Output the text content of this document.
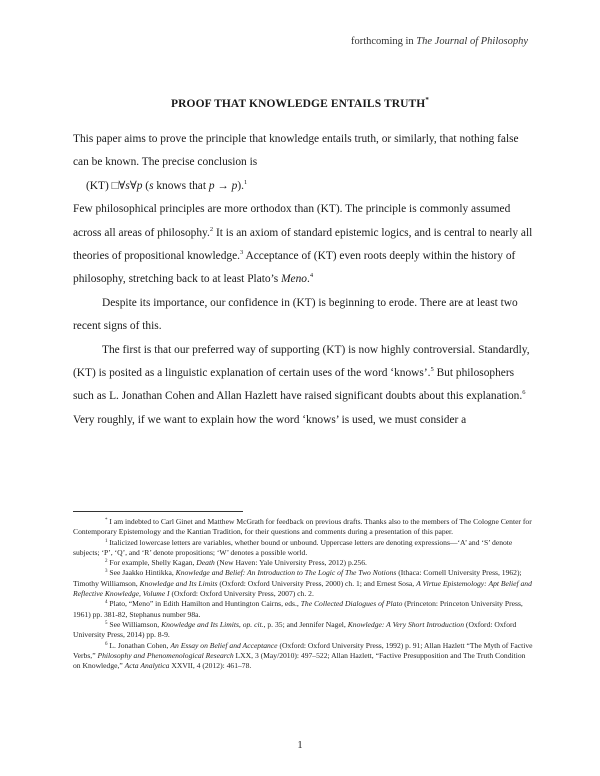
forthcoming in The Journal of Philosophy
PROOF THAT KNOWLEDGE ENTAILS TRUTH*

This paper aims to prove the principle that knowledge entails truth, or similarly, that nothing false can be known. The precise conclusion is

(KT) □∀s∀p (s knows that p → p).$^1$

Few philosophical principles are more orthodox than (KT). The principle is commonly assumed across all areas of philosophy.$^2$ It is an axiom of standard epistemic logics, and is central to nearly all theories of propositional knowledge.$^3$ Acceptance of (KT) even roots deeply within the history of philosophy, stretching back to at least Plato’s Meno.$^4$

Despite its importance, our confidence in (KT) is beginning to erode. There are at least two recent signs of this.

The first is that our preferred way of supporting (KT) is now highly controversial. Standardly, (KT) is posited as a linguistic explanation of certain uses of the word ‘knows’.$^5$ But philosophers such as L. Jonathan Cohen and Allan Hazlett have raised significant doubts about this explanation.$^6$ Very roughly, if we want to explain how the word ‘knows’ is used, we must consider a

* I am indebted to Carl Ginet and Matthew McGrath for feedback on previous drafts. Thanks also to the members of The Cologne Center for Contemporary Epistemology and the Kantian Tradition, for their questions and comments during a presentation of this paper.

$^1$ Italicized lowercase letters are variables, whether bound or unbound. Uppercase letters are denoting expressions—‘A’ and ‘S’ denote subjects; ‘P’, ‘Q’, and ‘R’ denote propositions; ‘W’ denotes a possible world.

$^2$ For example, Shelly Kagan, Death (New Haven: Yale University Press, 2012) p.256.

$^3$ See Jaakko Hintikka, Knowledge and Belief: An Introduction to The Logic of The Two Notions (Ithaca: Cornell University Press, 1962); Timothy Williamson, Knowledge and Its Limits (Oxford: Oxford University Press, 2000) ch. 1; and Ernest Sosa, A Virtue Epistemology: Apt Belief and Reflective Knowledge, Volume I (Oxford: Oxford University Press, 2007) ch. 2.

$^4$ Plato, “Meno” in Edith Hamilton and Huntington Cairns, eds., The Collected Dialogues of Plato (Princeton: Princeton University Press, 1961) pp. 381-82, Stephanus number 98a.

$^5$ See Williamson, Knowledge and Its Limits, op. cit., p. 35; and Jennifer Nagel, Knowledge: A Very Short Introduction (Oxford: Oxford University Press, 2014) pp. 8-9.

$^6$ L. Jonathan Cohen, An Essay on Belief and Acceptance (Oxford: Oxford University Press, 1992) p. 91; Allan Hazlett “The Myth of Factive Verbs,” Philosophy and Phenomenological Research LXX, 3 (May/2010): 497–522; Allan Hazlett, “Factive Presupposition and The Truth Condition on Knowledge,” Acta Analytica XXVII, 4 (2012): 461–78.

1
